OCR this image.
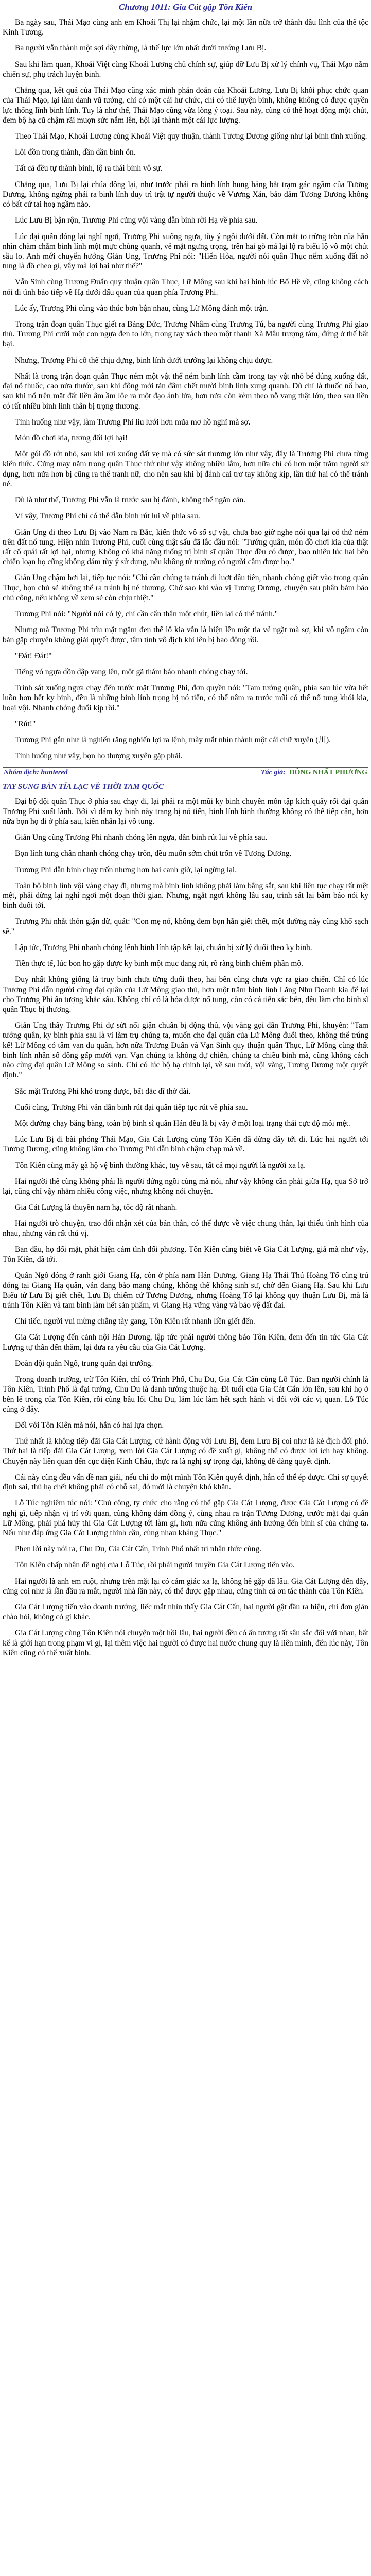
Chương 1011: Gia Cát gặp Tôn Kiên

Ba ngày sau, Thái Mạo cùng anh em Khoái Thị lại nhậm chức, lại một lần nữa trở thành đầu lĩnh của thế tộc Kinh Tương.

Ba người vẫn thành một sợi dây thừng, là thế lực lớn nhất dưới trướng Lưu Bị.

Sau khi làm quan, Khoái Việt cùng Khoái Lương chủ chính sự, giúp đỡ Lưu Bị xử lý chính vụ, Thái Mạo nắm chiến sự, phụ trách luyện binh.

Chẳng qua, kết quả của Thái Mạo cũng xác minh phán đoán của Khoái Lương. Lưu Bị khôi phục chức quan của Thái Mạo, lại làm danh vũ tướng, chỉ có một cái hư chức, chỉ có thể luyện binh, không không có được quyền lực thống lĩnh binh lính. Tuy là như thế, Thái Mạo cũng vừa lòng ý toại. Sau này, cùng có thế hoạt động một chút, đem bộ hạ cũ chậm rãi muợn sức nắm lên, hội lại thành một cái lực lượng.

Theo Thái Mạo, Khoái Lương cùng Khoái Việt quy thuận, thành Tương Dương giống như lại bình tĩnh xuống.

Lôi đồn trong thành, dần dần bình ổn.

Tất cả đều tự thành bình, lộ ra thái bình vô sự.

Chẳng qua, Lưu Bị lại chúa đông lại, như trước phái ra binh lính hung hăng bắt trạm gác ngầm của Tương Dương, không ngừng phái ra binh lính duy trì trật tự người thuộc về Vương Xán, bảo đảm Tương Dương không có bất cứ tai hoạ ngầm nào.

Lúc Lưu Bị bận rộn, Trương Phi cũng vội vàng dẫn binh rời Hạ về phía sau.

Lúc đại quân đóng lại nghỉ ngơi, Trương Phi xuống ngựa, tùy ý ngồi dưới đất. Còn mắt to trừng tròn của hắn nhìn chăm chằm binh lính một mực chùng quanh, vẻ mặt ngưng trọng, trên hai gò má lại lộ ra biểu lộ vô một chút sầu lo. Anh mới chuyển hướng Giản Ung, Trương Phi nói: "Hiến Hòa, người nói quân Thục nếm xuống đất nở tung là đồ cheo gì, vậy mà lợi hại như thế?"

Vẫn Sinh cùng Trương Đuẩn quy thuận quân Thục, Lữ Mông sau khi bại binh lúc Bổ Hề về, cũng không cách nói đi tình báo tiếp về Hạ dưới đấu quan của quan phía Trương Phi.

Lúc ấy, Trương Phi cùng vào thúc bơn bận nhau, cùng Lữ Mông đánh một trận.

Trong trận đoạn quân Thục giết ra Bảng Đức, Trương Nhâm cùng Trương Tú, ba người cùng Trương Phi giao thủ. Trương Phi cưỡi một con ngựa đen to lớn, trong tay xách theo một thanh Xà Mâu trượng tám, đứng ở thế bất bại.

Nhưng, Trương Phi cỗ thể chịu đựng, binh lính dưới trướng lại không chịu được.

Nhất là trong trận đoạn quân Thục ném một vật thể ném binh lính cầm trong tay vật nhỏ bé đúng xuống đất, đại nổ thuốc, cao nửa thước, sau khi đông mới tản đâm chết mười binh lính xung quanh. Dù chỉ là thuốc nổ bao, sau khi nổ trên mặt đất liền âm ầm lôe ra một đạo ánh lửa, hơn nữa còn kèm theo nỗ vang thật lớn, theo sau liền có rất nhiều binh lính thân bị trọng thương.

Tình huống như vậy, làm Trương Phi liu lưới hơn mũa mơ hồ nghĩ mà sợ.

Món đồ chơi kia, tương đối lợi hại!

Một gói đồ rớt nhỏ, sau khi rơi xuống đất vẹ mà có sức sát thương lớn như vậy, đây là Trương Phi chưa từng kiến thức. Cũng may năm trong quân Thục thứ như vậy không nhiều lắm, hơn nữa chỉ có hơn một trăm người sử dụng, hơn nữa hơn bị cũng ra thế tranh nữ, cho nên sau khi bị đánh cai trơ tay không kịp, lần thứ hai có thể tránh né.

Dù là như thế, Trương Phi vẫn là trước sau bị đánh, không thể ngăn cản.

Vì vậy, Trương Phi chỉ có thể dẫn binh rút lui về phía sau.

Giản Ung đi theo Lưu Bị vào Nam ra Bắc, kiến thức vô số sự vật, chưa bao giờ nghe nói qua lại có thứ ném trên đất nổ tung. Hiện nhìn Trương Phi, cuối cùng thật sấu đã lắc đầu nói: "Tướng quân, món đồ chơi kia của thật rất cổ quái rất lợi hại, nhưng Không có khả năng thống trị binh sĩ quân Thục đều có được, bao nhiêu lúc hai bên chiến loạn họ cũng không dám tùy ý sử dụng, nếu không từ trường có người cầm được họ."

Giản Ung chậm hơi lại, tiếp tục nói: "Chỉ cần chúng ta tránh đi luợt đầu tiên, nhanh chóng giết vào trong quân Thục, bọn chủ sẽ không thể ra tránh bị né thương. Chớ sao khi vào vị Tương Dương, chuyện sau phân bảm bảo chủ công, nếu không về xem sẽ còn chịu thiệt."

Trương Phi nói: "Người nói có lý, chỉ cần cẩn thận một chút, liền lai có thể tránh."

Nhưng mà Trương Phi trìu mặt ngắm đen thế lỗ kia vẫn là hiện lên một tia vẻ ngặt mà sợ, khi vô ngầm còn bản gặp chuyện khòng giải quyết được, tâm tình vô địch khi lên bị bao động rồi.

"Đát! Đát!"

Tiếng vó ngựa dồn dập vang lên, một gã thám báo nhanh chóng chạy tới.

Trình sát xuống ngựa chạy đến trước mặt Trương Phi, đơn quyền nói: "Tam tướng quân, phía sau lúc vừa hết luồn hơn hết ky binh, đều là những binh lính trọng bị nó tiến, có thể nâm ra trước mũi có thể nổ tung khói kia, hoại vội. Nhanh chóng đuổi kịp rồi."

"Rút!"

Trương Phi gắn như là nghiến răng nghiến lợi ra lệnh, mày mắt nhìn thành một cái chữ xuyên (川).

Tình huống như vậy, bọn họ thượng xuyên gặp phải.

Nhóm dịch: huntered	Tác giả: ĐÔNG NHẤT PHƯƠNG
TAY SUNG BẢN TÍA LẠC VỀ THỜI TAM QUỐC

Đại bộ đội quân Thục ở phía sau chạy đi, lại phải ra một mũi ky binh chuyên môn tập kích quấy rối đại quân Trương Phi xuất lãnh. Bởi vì đám ky binh này trang bị nó tiến, binh lính bình thường không có thể tiếp cận, hơn nữa bọn họ đi ở phía sau, kiên nhẫn lại vô tung.

Giản Ung cùng Trương Phi nhanh chóng lên ngựa, dẫn binh rút lui về phía sau.

Bọn lính tung chân nhanh chóng chạy trốn, đều muốn sớm chút trốn về Tương Dương.

Trương Phi dẫn binh chạy trốn nhưng hơn hai canh giờ, lại ngừng lại.

Toàn bộ binh lính vội vàng chạy đi, nhưng mà binh lính không phải làm bằng sắt, sau khi liên tục chạy rất mệt mệt, phải dừng lại nghỉ ngơi một đoạn thời gian. Nhưng, ngắt ngơi không lâu sau, trinh sát lại bẩm báo nói ky binh đuổi tới.

Trương Phi nhắt thỏn giận dữ, quát: "Con mẹ nó, không đem bọn hắn giết chết, một đường này cũng khổ sạch sẽ."

Lập tức, Trương Phi nhanh chóng lệnh binh lính tập kết lại, chuẩn bị xử lý đuổi theo ky binh.

Tiền thực tế, lúc bọn họ gặp được ky binh một mục đang rút, rõ ràng binh chiếm phần mộ.

Duy nhất không giống là truy binh chưa từng đuổi theo, hai bên cùng chưa vực ra giao chiến. Chỉ có lúc Trương Phi dẫn người cùng đại quân của Lữ Mông giao thủ, hơn một trăm binh lính Lăng Nhu Doanh kia để lại cho Trương Phi ấn tượng khắc sâu. Không chỉ có là hỏa dược nổ tung, còn có cả tiễn sắc bén, đều làm cho binh sĩ quân Thục bị thương.

Giản Ung thấy Trương Phi dự sửt nổi giận chuẩn bị động thủ, vội vàng gọi dẫn Trương Phi, khuyên: "Tam tướng quân, ky binh phía sau là vì làm trụ chúng ta, muốn cho đại quân của Lữ Mông đuổi theo, không thể trúng kế! Lữ Mông có tâm van du quân, hơn nữa Trương Đuẩn và Vạn Sinh quy thuận quân Thục, Lữ Mông cùng thất binh lính nhân số đông gấp mười vạn. Vạn chúng ta không dự chiến, chúng ta chiều binh mã, cũng không cách nào cùng đại quân Lữ Mông so sánh. Chỉ có lúc bộ hạ chính lại, về sau mới, vội vàng, Tương Dương một quyết định."

Sắc mặt Trương Phi khó trong được, bất đắc dĩ thở dài.

Cuối cùng, Trương Phi vẫn dẫn binh rút đại quân tiếp tục rút về phía sau.

Một đường chạy băng băng, toàn bộ binh sĩ quân Hán đều là bị vây ở một loại trạng thái cực độ mỏi mệt.

Lúc Lưu Bị đi bài phóng Thái Mạo, Gia Cát Lượng cùng Tôn Kiên đã dừng dây tới đi. Lúc hai người tới Tương Dương, cũng không lâm cho Trương Phi dẫn binh chậm chạp mà về.

Tôn Kiên cùng mấy gã hộ vệ bình thường khác, tuy về sau, tất cả mọi người là người xa lạ.

Hai người thế cũng không phải là người đứng ngồi cùng mà nói, như vậy không cần phải giữa Hạ, qua Sở trở lại, cũng chỉ vậy nhằm nhiều công việc, nhưng không nói chuyện.

Gia Cát Lượng là thuyền nam hạ, tốc độ rất nhanh.

Hai người trò chuyện, trao đổi nhận xét của bản thân, có thể được về việc chung thân, lại thiếu tình hình của nhau, nhưng vẫn rất thú vị.

Ban đầu, họ đối mặt, phát hiện cảm tình đối phương. Tôn Kiên cũng biết về Gia Cát Lượng, giả mà như vậy, Tôn Kiên, đã tới.

Quân Ngô đóng ở ranh giới Giang Hạ, còn ở phía nam Hán Dương. Giang Hạ Thái Thú Hoàng Tổ cũng trú đóng tại Giang Hạ quân, vẫn đang bảo mang chúng, không thể không sinh sự, chờ đến Giang Hạ. Sau khi Lưu Biểu tử Lưu Bị giết chết, Lưu Bị chiếm cứ Tương Dương, nhưng Hoàng Tổ lại không quy thuận Lưu Bị, mà là tránh Tôn Kiên và tam binh làm hết sản phẩm, vì Giang Hạ vững vàng và bảo vệ đất đai.

Chỉ tiếc, người vui mừng chẳng tày gang, Tôn Kiên rất nhanh liền giết đến.

Gia Cát Lượng đến cảnh nội Hán Dương, lập tức phái người thông báo Tôn Kiên, đem đến tin tức Gia Cát Lượng tự thân đến thăm, lại đưa ra yêu cầu của Gia Cát Lượng.

Đoàn đội quân Ngô, trung quân đại trướng.

Trong doanh trướng, trừ Tôn Kiên, chỉ có Trình Phổ, Chu Du, Gia Cát Cẩn cùng Lỗ Túc. Ban người chính là Tôn Kiên, Trình Phổ là đại tướng, Chu Du là danh tướng thuộc hạ. Đi tuổi của Gia Cát Cẩn lớn lên, sau khi họ ở bên lẻ trong của Tôn Kiên, rồi cùng bầu lối Chu Du, lăm lúc làm hết sạch hành vi đối với các vị quan. Lỗ Túc cũng ở đây.

Đối với Tôn Kiên mà nói, hắn có hai lựa chọn.

Thứ nhất là không tiếp đãi Gia Cát Lượng, cứ hành động với Lưu Bị, đem Lưu Bị coi như là kẻ địch đối phó. Thứ hai là tiếp đãi Gia Cát Lượng, xem lời Gia Cát Lượng có đề xuất gì, không thể có được lợi ích hay không. Chuyện này liên quan đến cục diện Kinh Châu, thực ra là nghị sự trọng đại, không dễ dàng quyết định.

Cái này cũng đều vấn đề nan giải, nếu chỉ do một mình Tôn Kiên quyết định, hắn có thể ép được. Chỉ sợ quyết định sai, thủ hạ chết không phải có chỗ sai, đó mới là chuyện khó khăn.

Lỗ Túc nghiêm túc nói: "Chủ công, ty chức cho rằng có thể gặp Gia Cát Lượng, được Gia Cát Lượng có đề nghị gì, tiếp nhận vị trí với quan, cũng không dám đồng ý, cùng nhau ra trận Tương Dương, trước mặt đại quân Lữ Mông, phải phá hủy thì Gia Cát Lượng tới làm gì, hơn nữa cũng không ảnh hưởng đến binh sĩ của chúng ta. Nếu như đáp ứng Gia Cát Lượng thỉnh cầu, cùng nhau kháng Thục."

Phen lời này nói ra, Chu Du, Gia Cát Cẩn, Trình Phổ nhất trí nhận thức cùng.

Tôn Kiên chấp nhận đề nghị của Lỗ Túc, rồi phái người truyền Gia Cát Lượng tiến vào.

Hai người là anh em ruột, nhưng trên mặt lại có cảm giác xa lạ, không hề gặp đã lâu. Gia Cát Lượng đến đây, cũng coi như là lần đầu ra mắt, người nhà lần này, có thể được gặp nhau, cũng tính cả ơn tác thành của Tôn Kiên.

Gia Cát Lượng tiến vào doanh trướng, liếc mắt nhìn thấy Gia Cát Cẩn, hai người gật đầu ra hiệu, chỉ đơn giản chào hỏi, không có gì khác.

Gia Cát Lượng cùng Tôn Kiên nói chuyện một hồi lâu, hai người đều có ấn tượng rất sâu sắc đối với nhau, bất kể là giới hạn trong phạm vi gì, lại thêm việc hai người có được hai nước chung quy là liên minh, đến lúc này, Tôn Kiên cũng có thể xuất binh.
